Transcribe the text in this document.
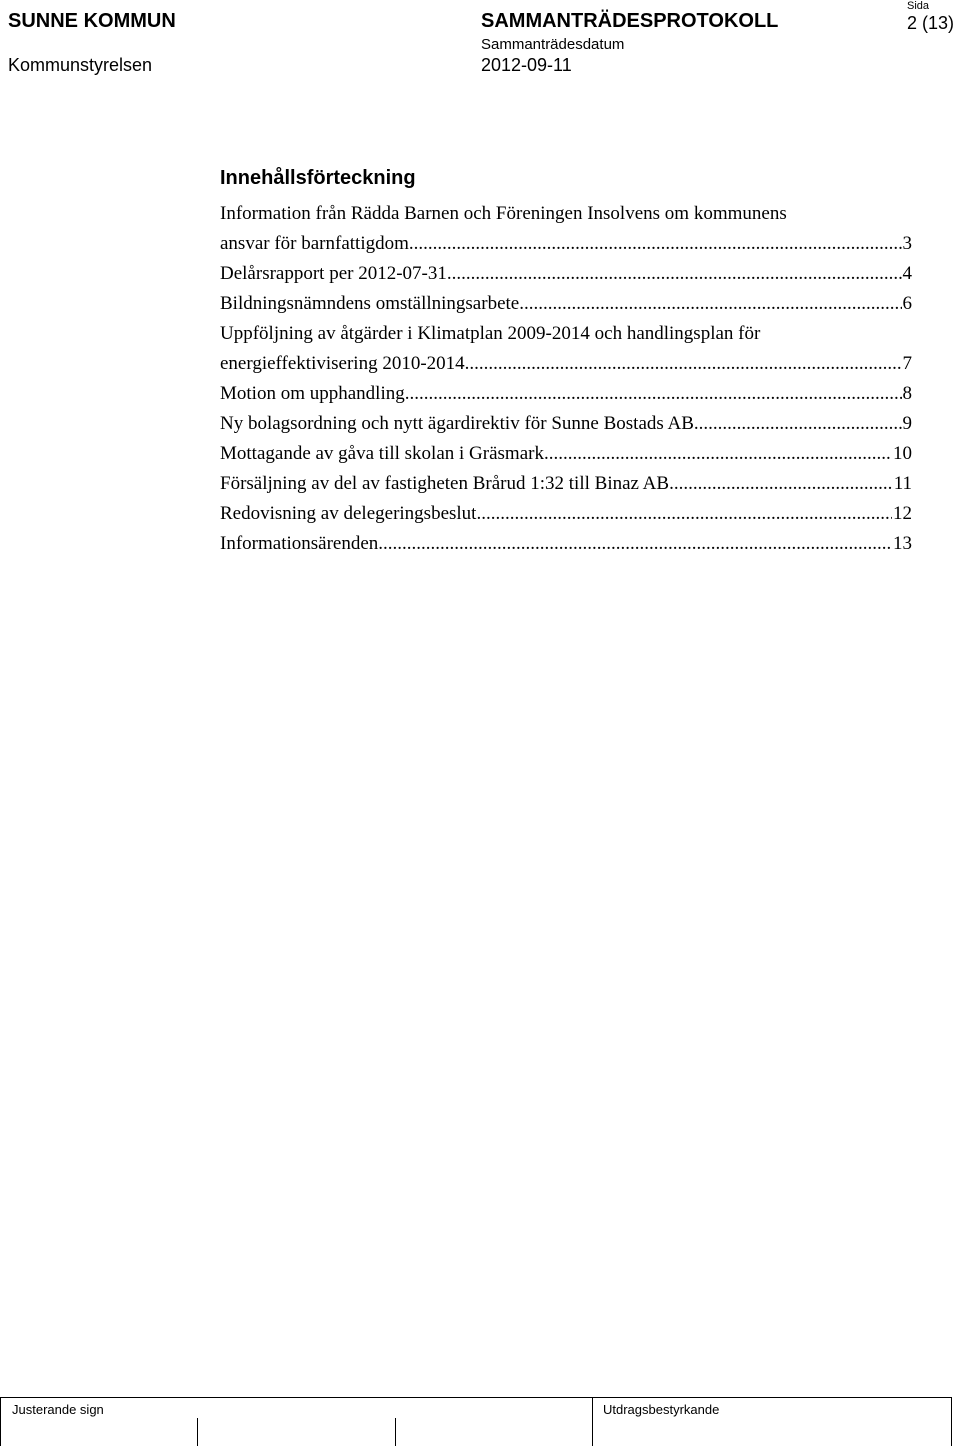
SUNNE KOMMUN
Kommunstyrelsen
SAMMANTRÄDESPROTOKOLL
Sammanträdesdatum
2012-09-11
Sida
2 (13)
Innehållsförteckning
Information från Rädda Barnen och Föreningen Insolvens om kommunens
ansvar för barnfattigdom .....	3
Delårsrapport per 2012-07-31 .....	4
Bildningsnämndens omställningsarbete .....	6
Uppföljning av åtgärder i Klimatplan 2009-2014 och handlingsplan för
energieffektivisering 2010-2014 .....	7
Motion om upphandling .....	8
Ny bolagsordning och nytt ägardirektiv för Sunne Bostads AB .....	9
Mottagande av gåva till skolan i Gräsmark .....	10
Försäljning av del av fastigheten Brårud 1:32 till Binaz AB .....	11
Redovisning av delegeringsbeslut .....	12
Informationsärenden .....	13
Justerande sign	Utdragsbestyrkande
